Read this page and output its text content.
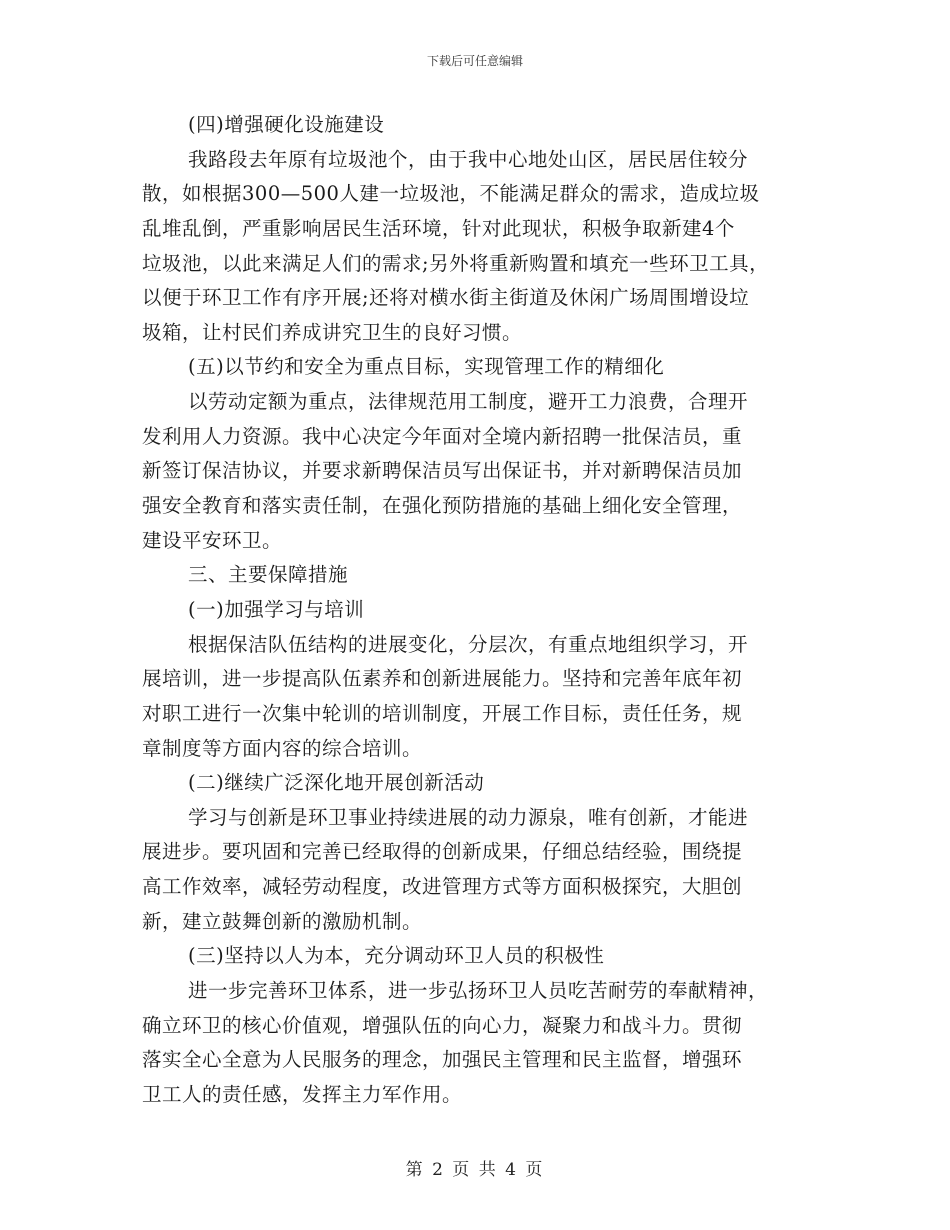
下载后可任意编辑
(四)增强硬化设施建设
我路段去年原有垃圾池个，由于我中心地处山区，居民居住较分
散，如根据300—500人建一垃圾池，不能满足群众的需求，造成垃圾
乱堆乱倒，严重影响居民生活环境，针对此现状，积极争取新建4个
垃圾池，以此来满足人们的需求;另外将重新购置和填充一些环卫工具，
以便于环卫工作有序开展;还将对横水街主街道及休闲广场周围增设垃
圾箱，让村民们养成讲究卫生的良好习惯。
(五)以节约和安全为重点目标，实现管理工作的精细化
以劳动定额为重点，法律规范用工制度，避开工力浪费，合理开
发利用人力资源。我中心决定今年面对全境内新招聘一批保洁员，重
新签订保洁协议，并要求新聘保洁员写出保证书，并对新聘保洁员加
强安全教育和落实责任制，在强化预防措施的基础上细化安全管理，
建设平安环卫。
三、主要保障措施
(一)加强学习与培训
根据保洁队伍结构的进展变化，分层次，有重点地组织学习，开
展培训，进一步提高队伍素养和创新进展能力。坚持和完善年底年初
对职工进行一次集中轮训的培训制度，开展工作目标，责任任务，规
章制度等方面内容的综合培训。
(二)继续广泛深化地开展创新活动
学习与创新是环卫事业持续进展的动力源泉，唯有创新，才能进
展进步。要巩固和完善已经取得的创新成果，仔细总结经验，围绕提
高工作效率，减轻劳动程度，改进管理方式等方面积极探究，大胆创
新，建立鼓舞创新的激励机制。
(三)坚持以人为本，充分调动环卫人员的积极性
进一步完善环卫体系，进一步弘扬环卫人员吃苦耐劳的奉献精神，
确立环卫的核心价值观，增强队伍的向心力，凝聚力和战斗力。贯彻
落实全心全意为人民服务的理念，加强民主管理和民主监督，增强环
卫工人的责任感，发挥主力军作用。
第 2 页 共 4 页
